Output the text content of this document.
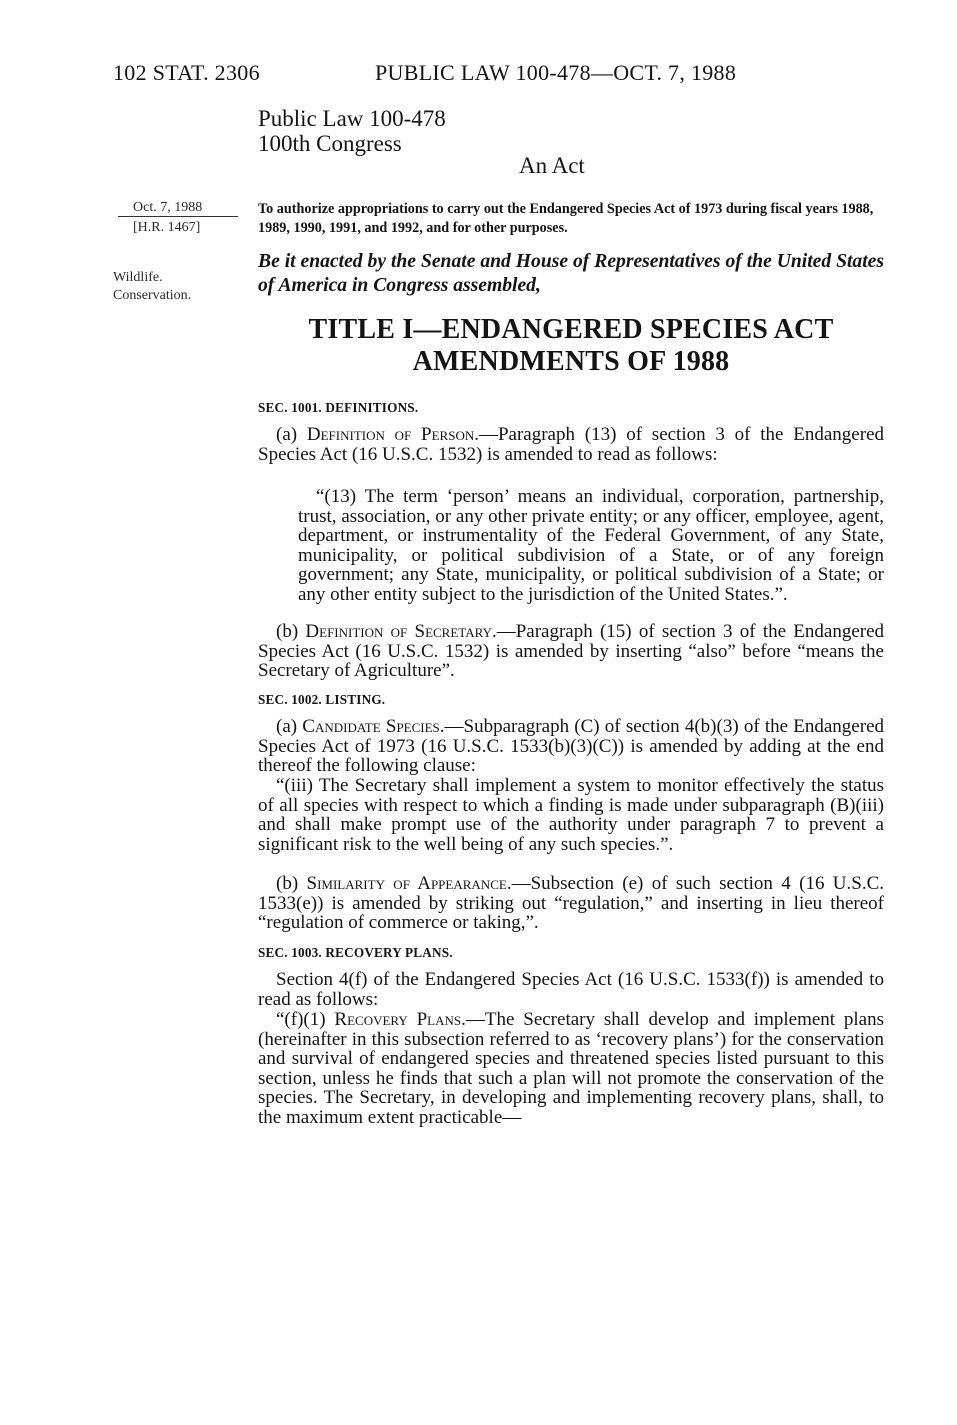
102 STAT. 2306	PUBLIC LAW 100-478—OCT. 7, 1988
Public Law 100-478
100th Congress
An Act
Oct. 7, 1988
[H.R. 1467]
Wildlife.
Conservation.
To authorize appropriations to carry out the Endangered Species Act of 1973 during fiscal years 1988, 1989, 1990, 1991, and 1992, and for other purposes.
Be it enacted by the Senate and House of Representatives of the United States of America in Congress assembled,
TITLE I—ENDANGERED SPECIES ACT
AMENDMENTS OF 1988
SEC. 1001. DEFINITIONS.

(a) Definition of Person.—Paragraph (13) of section 3 of the Endangered Species Act (16 U.S.C. 1532) is amended to read as follows:

“(13) The term ‘person’ means an individual, corporation, partnership, trust, association, or any other private entity; or any officer, employee, agent, department, or instrumentality of the Federal Government, of any State, municipality, or political subdivision of a State, or of any foreign government; any State, municipality, or political subdivision of a State; or any other entity subject to the jurisdiction of the United States.”.

(b) Definition of Secretary.—Paragraph (15) of section 3 of the Endangered Species Act (16 U.S.C. 1532) is amended by inserting “also” before “means the Secretary of Agriculture”.

SEC. 1002. LISTING.

(a) Candidate Species.—Subparagraph (C) of section 4(b)(3) of the Endangered Species Act of 1973 (16 U.S.C. 1533(b)(3)(C)) is amended by adding at the end thereof the following clause:

“(iii) The Secretary shall implement a system to monitor effectively the status of all species with respect to which a finding is made under subparagraph (B)(iii) and shall make prompt use of the authority under paragraph 7 to prevent a significant risk to the well being of any such species.”.

(b) Similarity of Appearance.—Subsection (e) of such section 4 (16 U.S.C. 1533(e)) is amended by striking out “regulation,” and inserting in lieu thereof “regulation of commerce or taking,”.

SEC. 1003. RECOVERY PLANS.

Section 4(f) of the Endangered Species Act (16 U.S.C. 1533(f)) is amended to read as follows:

“(f)(1) Recovery Plans.—The Secretary shall develop and implement plans (hereinafter in this subsection referred to as ‘recovery plans’) for the conservation and survival of endangered species and threatened species listed pursuant to this section, unless he finds that such a plan will not promote the conservation of the species. The Secretary, in developing and implementing recovery plans, shall, to the maximum extent practicable—
